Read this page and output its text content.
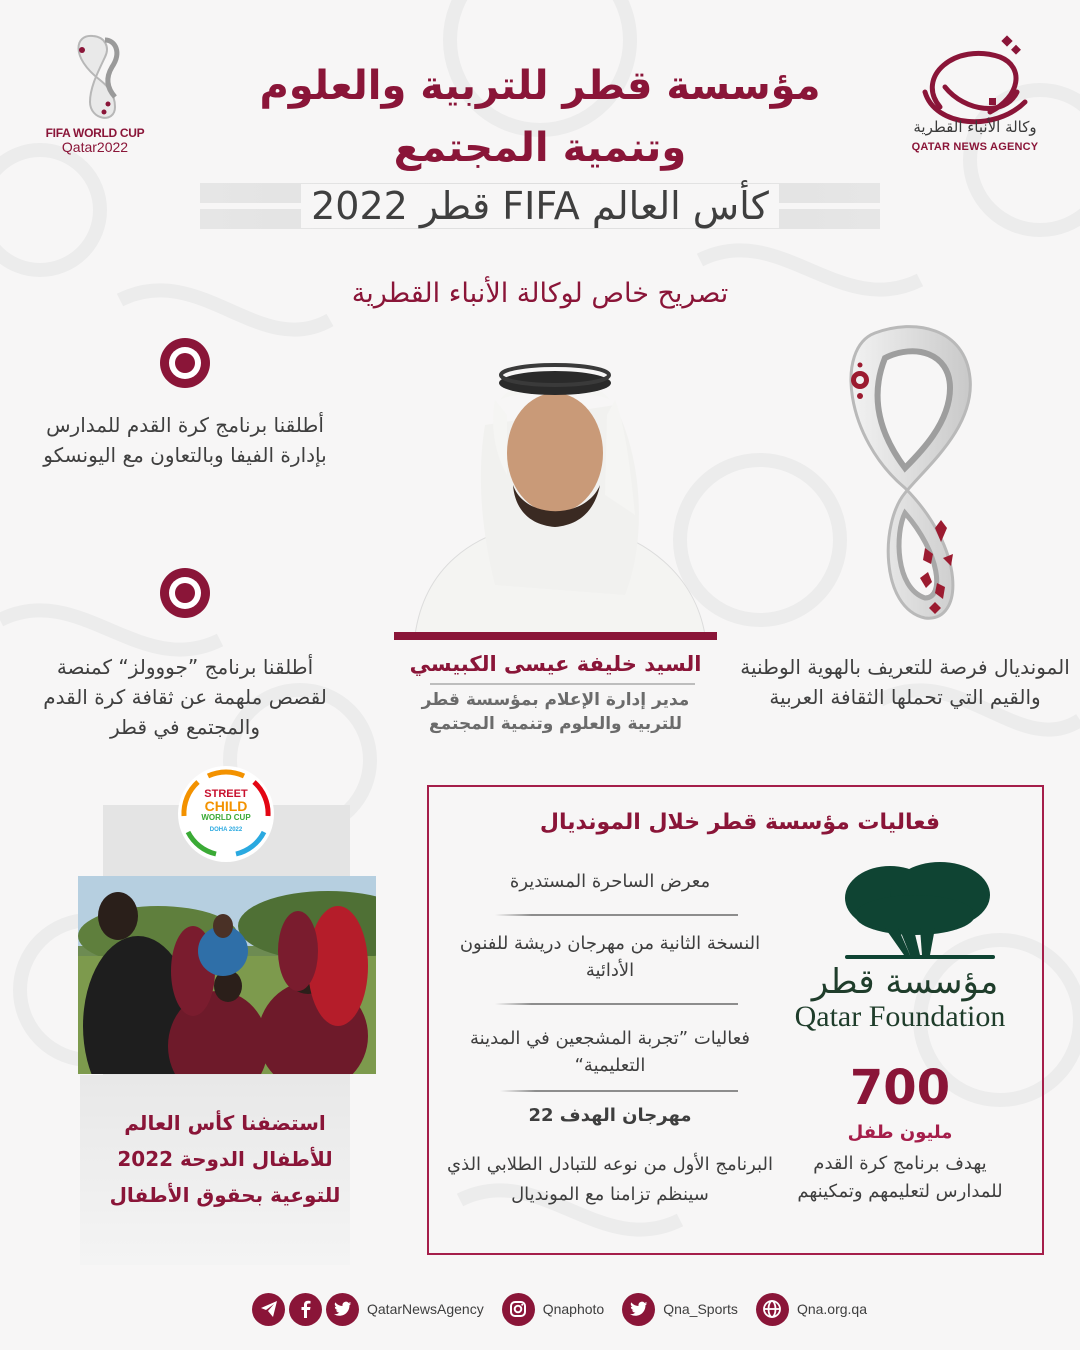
وكالة الأنباء القطرية
QATAR NEWS AGENCY
FIFA WORLD CUP
Qatar2022
مؤسسة قطر للتربية والعلوم
وتنمية المجتمع
كأس العالم FIFA قطر 2022
تصريح خاص لوكالة الأنباء القطرية
أطلقنا برنامج كرة القدم للمدارس بإدارة الفيفا وبالتعاون مع اليونسكو
أطلقنا برنامج ”جووولز“ كمنصة لقصص ملهمة عن ثقافة كرة القدم والمجتمع في قطر
السيد خليفة عيسى الكبيسي
مدير إدارة الإعلام بمؤسسة قطر للتربية والعلوم وتنمية المجتمع
المونديال فرصة للتعريف بالهوية الوطنية والقيم التي تحملها الثقافة العربية
فعاليات مؤسسة قطر خلال المونديال
معرض الساحرة المستديرة
النسخة الثانية من مهرجان دريشة للفنون الأدائية
فعاليات ”تجربة المشجعين في المدينة التعليمية“
مهرجان الهدف 22
البرنامج الأول من نوعه للتبادل الطلابي الذي سينظم تزامنا مع المونديال
مؤسسة قطر
Qatar Foundation
700
مليون طفل
يهدف برنامج كرة القدم للمدارس لتعليمهم وتمكينهم
STREET
CHILD
WORLD CUP
DOHA 2022
استضفنا كأس العالم للأطفال الدوحة 2022 للتوعية بحقوق الأطفال
QatarNewsAgency	Qnaphoto	Qna_Sports	Qna.org.qa
